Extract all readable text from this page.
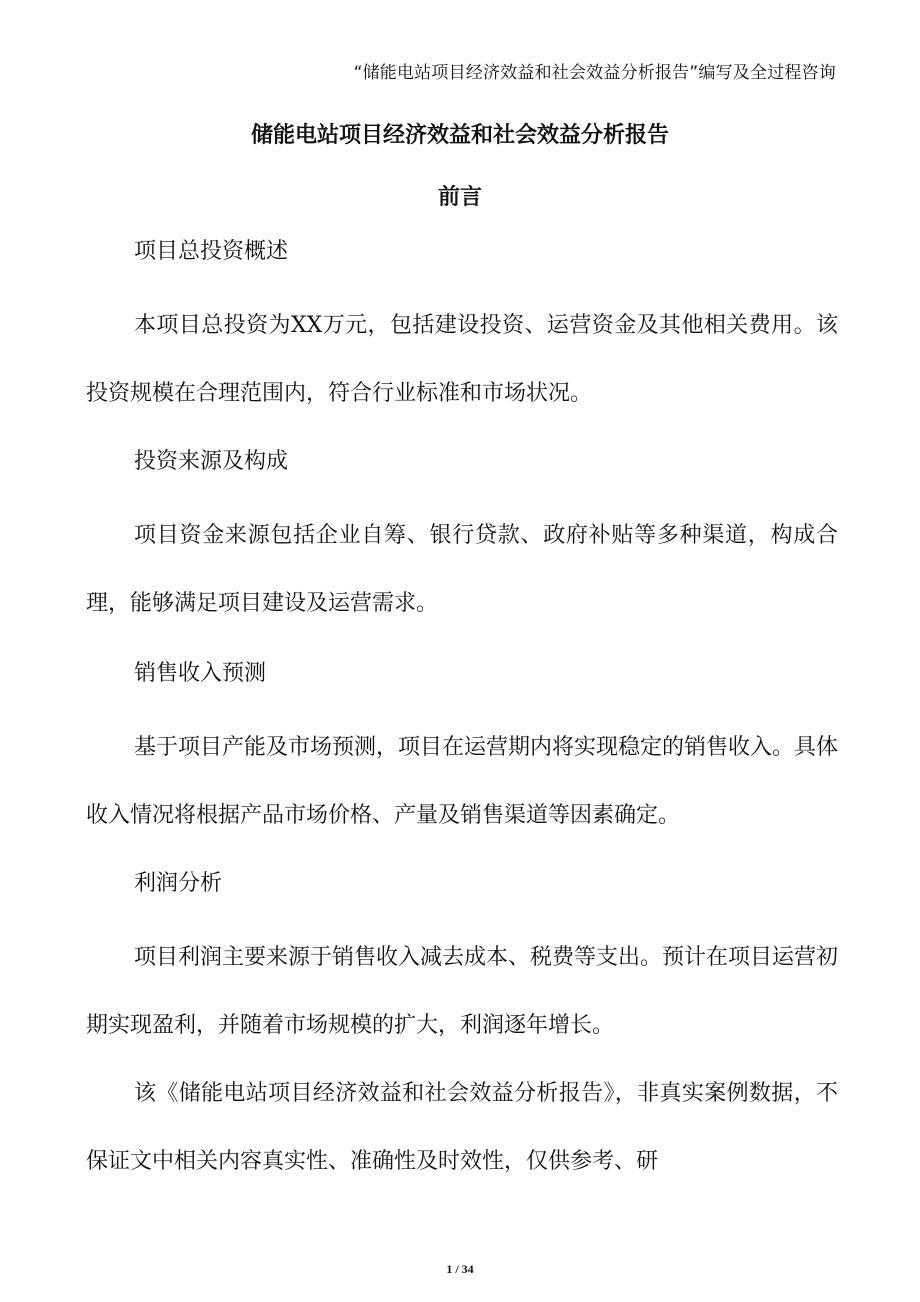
“储能电站项目经济效益和社会效益分析报告”编写及全过程咨询
储能电站项目经济效益和社会效益分析报告
前言

项目总投资概述

本项目总投资为XX万元，包括建设投资、运营资金及其他相关费用。该投资规模在合理范围内，符合行业标准和市场状况。

投资来源及构成

项目资金来源包括企业自筹、银行贷款、政府补贴等多种渠道，构成合理，能够满足项目建设及运营需求。

销售收入预测

基于项目产能及市场预测，项目在运营期内将实现稳定的销售收入。具体收入情况将根据产品市场价格、产量及销售渠道等因素确定。

利润分析

项目利润主要来源于销售收入减去成本、税费等支出。预计在项目运营初期实现盈利，并随着市场规模的扩大，利润逐年增长。

该《储能电站项目经济效益和社会效益分析报告》，非真实案例数据，不保证文中相关内容真实性、准确性及时效性，仅供参考、研

1 / 34
